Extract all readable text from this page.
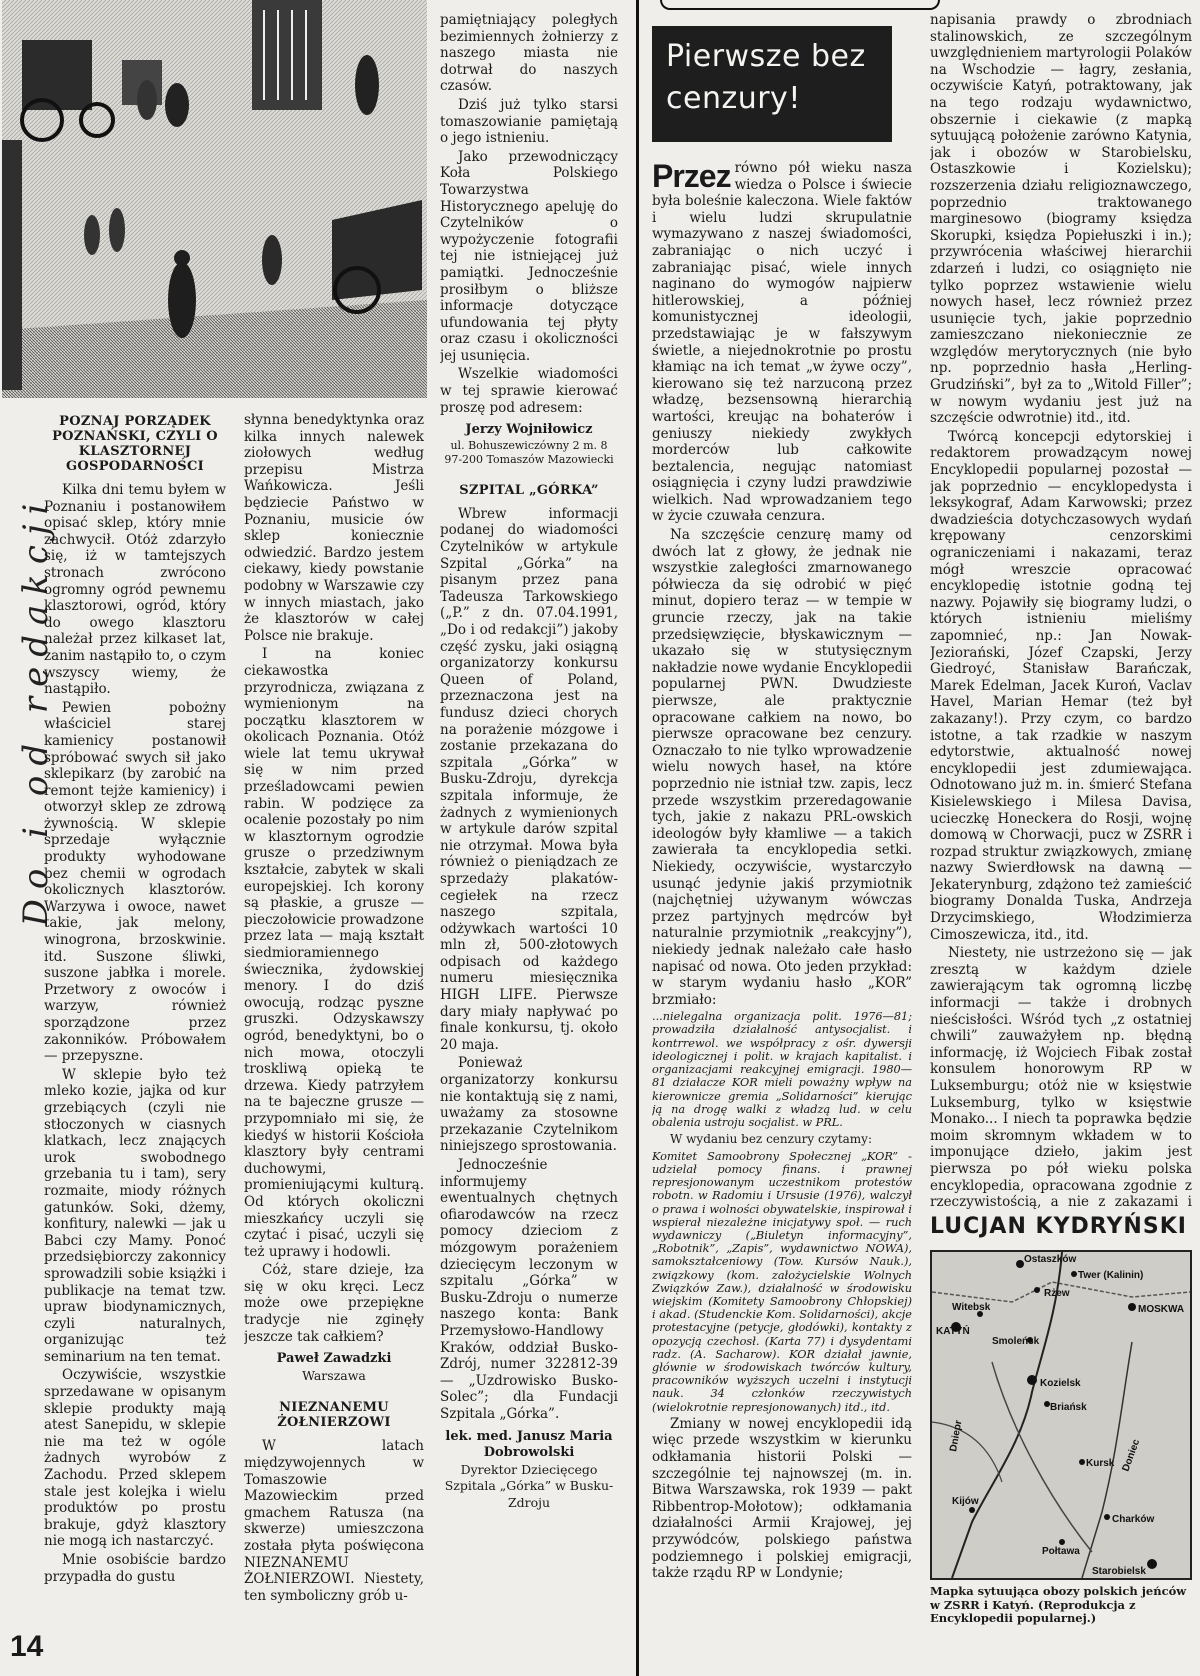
Do i od redakcji
14
POZNAJ PORZĄDEK POZNAŃSKI, CZYLI O KLASZTORNEJ GOSPODARNOŚCI

Kilka dni temu byłem w Poznaniu i postanowiłem opisać sklep, który mnie zachwycił. Otóż zdarzyło się, iż w tamtejszych stronach zwrócono ogromny ogród pewnemu klasztorowi, ogród, który do owego klasztoru należał przez kilkaset lat, zanim nastąpiło to, o czym wszyscy wiemy, że nastąpiło.

Pewien pobożny właściciel starej kamienicy postanowił spróbować swych sił jako sklepikarz (by zarobić na remont tejże kamienicy) i otworzył sklep ze zdrową żywnością. W sklepie sprzedaje wyłącznie produkty wyhodowane bez chemii w ogrodach okolicznych klasztorów. Warzywa i owoce, nawet takie, jak melony, winogrona, brzoskwinie. itd. Suszone śliwki, suszone jabłka i morele. Przetwory z owoców i warzyw, również sporządzone przez zakonników. Próbowałem — przepyszne.

W sklepie było też mleko kozie, jajka od kur grzebiących (czyli nie stłoczonych w ciasnych klatkach, lecz znających urok swobodnego grzebania tu i tam), sery rozmaite, miody różnych gatunków. Soki, dżemy, konfitury, nalewki — jak u Babci czy Mamy. Ponoć przedsiębiorczy zakonnicy sprowadzili sobie książki i publikacje na temat tzw. upraw biodynamicznych, czyli naturalnych, organizując też seminarium na ten temat.

Oczywiście, wszystkie sprzedawane w opisanym sklepie produkty mają atest Sanepidu, w sklepie nie ma też w ogóle żadnych wyrobów z Zachodu. Przed sklepem stale jest kolejka i wielu produktów po prostu brakuje, gdyż klasztory nie mogą ich nastarczyć.

Mnie osobiście bardzo przypadła do gustu

słynna benedyktynka oraz kilka innych nalewek ziołowych według przepisu Mistrza Wańkowicza. Jeśli będziecie Państwo w Poznaniu, musicie ów sklep koniecznie odwiedzić. Bardzo jestem ciekawy, kiedy powstanie podobny w Warszawie czy w innych miastach, jako że klasztorów w całej Polsce nie brakuje.

I na koniec ciekawostka przyrodnicza, związana z wymienionym na początku klasztorem w okolicach Poznania. Otóż wiele lat temu ukrywał się w nim przed prześladowcami pewien rabin. W podzięce za ocalenie pozostały po nim w klasztornym ogrodzie grusze o przedziwnym kształcie, zabytek w skali europejskiej. Ich korony są płaskie, a grusze — pieczołowicie prowadzone przez lata — mają kształt siedmioramiennego świecznika, żydowskiej menory. I do dziś owocują, rodząc pyszne gruszki. Odzyskawszy ogród, benedyktyni, bo o nich mowa, otoczyli troskliwą opieką te drzewa. Kiedy patrzyłem na te bajeczne grusze — przypomniało mi się, że kiedyś w historii Kościoła klasztory były centrami duchowymi, promieniującymi kulturą. Od których okoliczni mieszkańcy uczyli się czytać i pisać, uczyli się też uprawy i hodowli.

Cóż, stare dzieje, łza się w oku kręci. Lecz może owe przepiękne tradycje nie zginęły jeszcze tak całkiem?

Paweł Zawadzki
Warszawa
NIEZNANEMU ŻOŁNIERZOWI

W latach międzywojennych w Tomaszowie Mazowieckim przed gmachem Ratusza (na skwerze) umieszczona została płyta poświęcona NIEZNANEMU ŻOŁNIERZOWI. Niestety, ten symboliczny grób u-

pamiętniający poległych bezimiennych żołnierzy z naszego miasta nie dotrwał do naszych czasów.

Dziś już tylko starsi tomaszowianie pamiętają o jego istnieniu.

Jako przewodniczący Koła Polskiego Towarzystwa Historycznego apeluję do Czytelników o wypożyczenie fotografii tej nie istniejącej już pamiątki. Jednocześnie prosiłbym o bliższe informacje dotyczące ufundowania tej płyty oraz czasu i okoliczności jej usunięcia.

Wszelkie wiadomości w tej sprawie kierować proszę pod adresem:

Jerzy Wojniłowicz
ul. Bohuszewiczówny 2 m. 8 97-200 Tomaszów Mazowiecki
SZPITAL „GÓRKA”

Wbrew informacji podanej do wiadomości Czytelników w artykule Szpital „Górka” na pisanym przez pana Tadeusza Tarkowskiego („P.” z dn. 07.04.1991, „Do i od redakcji”) jakoby część zysku, jaki osiągną organizatorzy konkursu Queen of Poland, przeznaczona jest na fundusz dzieci chorych na porażenie mózgowe i zostanie przekazana do szpitala „Górka” w Busku-Zdroju, dyrekcja szpitala informuje, że żadnych z wymienionych w artykule darów szpital nie otrzymał. Mowa była również o pieniądzach ze sprzedaży plakatów-cegiełek na rzecz naszego szpitala, odżywkach wartości 10 mln zł, 500-złotowych odpisach od każdego numeru miesięcznika HIGH LIFE. Pierwsze dary miały napływać po finale konkursu, tj. około 20 maja.

Ponieważ organizatorzy konkursu nie kontaktują się z nami, uważamy za stosowne przekazanie Czytelnikom niniejszego sprostowania.

Jednocześnie informujemy ewentualnych chętnych ofiarodawców na rzecz pomocy dzieciom z mózgowym porażeniem dziecięcym leczonym w szpitalu „Górka” w Busku-Zdroju o numerze naszego konta: Bank Przemysłowo-Handlowy Kraków, oddział Busko-Zdrój, numer 322812-39 — „Uzdrowisko Busko-Solec”; dla Fundacji Szpitala „Górka”.

lek. med. Janusz Maria Dobrowolski
Dyrektor Dziecięcego Szpitala „Górka” w Busku-Zdroju
Pierwsze bez cenzury!

Przez równo pół wieku nasza wiedza o Polsce i świecie była boleśnie kaleczona. Wiele faktów i wielu ludzi skrupulatnie wymazywano z naszej świadomości, zabraniając o nich uczyć i zabraniając pisać, wiele innych naginano do wymogów najpierw hitlerowskiej, a później komunistycznej ideologii, przedstawiając je w fałszywym świetle, a niejednokrotnie po prostu kłamiąc na ich temat „w żywe oczy”, kierowano się też narzuconą przez władzę, bezsensowną hierarchią wartości, kreując na bohaterów i geniuszy niekiedy zwykłych morderców lub całkowite beztalencia, negując natomiast osiągnięcia i czyny ludzi prawdziwie wielkich. Nad wprowadzaniem tego w życie czuwała cenzura.

Na szczęście cenzurę mamy od dwóch lat z głowy, że jednak nie wszystkie zaległości zmarnowanego półwiecza da się odrobić w pięć minut, dopiero teraz — w tempie w gruncie rzeczy, jak na takie przedsięwzięcie, błyskawicznym — ukazało się w stutysięcznym nakładzie nowe wydanie Encyklopedii popularnej PWN. Dwudzieste pierwsze, ale praktycznie opracowane całkiem na nowo, bo pierwsze opracowane bez cenzury. Oznaczało to nie tylko wprowadzenie wielu nowych haseł, na które poprzednio nie istniał tzw. zapis, lecz przede wszystkim przeredagowanie tych, jakie z nakazu PRL-owskich ideologów były kłamliwe — a takich zawierała ta encyklopedia setki. Niekiedy, oczywiście, wystarczyło usunąć jedynie jakiś przymiotnik (najchętniej używanym wówczas przez partyjnych mędrców był naturalnie przymiotnik „reakcyjny”), niekiedy jednak należało całe hasło napisać od nowa. Oto jeden przykład: w starym wydaniu hasło „KOR” brzmiało:

...nielegalna organizacja polit. 1976—81; prowadziła działalność antysocjalist. i kontrrewol. we współpracy z ośr. dywersji ideologicznej i polit. w krajach kapitalist. i organizacjami reakcyjnej emigracji. 1980—81 działacze KOR mieli poważny wpływ na kierownicze gremia „Solidarności” kierując ją na drogę walki z władzą lud. w celu obalenia ustroju socjalist. w PRL.

W wydaniu bez cenzury czytamy:

Komitet Samoobrony Społecznej „KOR” - udzielał pomocy finans. i prawnej represjonowanym uczestnikom protestów robotn. w Radomiu i Ursusie (1976), walczył o prawa i wolności obywatelskie, inspirował i wspierał niezależne inicjatywy społ. — ruch wydawniczy („Biuletyn informacyjny”, „Robotnik”, „Zapis”, wydawnictwo NOWA), samokształceniowy (Tow. Kursów Nauk.), związkowy (kom. założycielskie Wolnych Związków Zaw.), działalność w środowisku wiejskim (Komitety Samoobrony Chłopskiej) i akad. (Studenckie Kom. Solidarności), akcje protestacyjne (petycje, głodówki), kontakty z opozycją czechosł. (Karta 77) i dysydentami radz. (A. Sacharow). KOR działał jawnie, głównie w środowiskach twórców kultury, pracowników wyższych uczelni i instytucji nauk. 34 członków rzeczywistych (wielokrotnie represjonowanych) itd., itd.

Zmiany w nowej encyklopedii idą więc przede wszystkim w kierunku odkłamania historii Polski — szczególnie tej najnowszej (m. in. Bitwa Warszawska, rok 1939 — pakt Ribbentrop-Mołotow); odkłamania działalności Armii Krajowej, jej przywódców, polskiego państwa podziemnego i polskiej emigracji, także rządu RP w Londynie;

napisania prawdy o zbrodniach stalinowskich, ze szczególnym uwzględnieniem martyrologii Polaków na Wschodzie — łagry, zesłania, oczywiście Katyń, potraktowany, jak na tego rodzaju wydawnictwo, obszernie i ciekawie (z mapką sytuującą położenie zarówno Katynia, jak i obozów w Starobielsku, Ostaszkowie i Kozielsku); rozszerzenia działu religioznawczego, poprzednio traktowanego marginesowo (biogramy księdza Skorupki, księdza Popiełuszki i in.); przywrócenia właściwej hierarchii zdarzeń i ludzi, co osiągnięto nie tylko poprzez wstawienie wielu nowych haseł, lecz również przez usunięcie tych, jakie poprzednio zamieszczano niekoniecznie ze względów merytorycznych (nie było np. poprzednio hasła „Herling-Grudziński”, był za to „Witold Filler”; w nowym wydaniu jest już na szczęście odwrotnie) itd., itd.

Twórcą koncepcji edytorskiej i redaktorem prowadzącym nowej Encyklopedii popularnej pozostał — jak poprzednio — encyklopedysta i leksykograf, Adam Karwowski; przez dwadzieścia dotychczasowych wydań krępowany cenzorskimi ograniczeniami i nakazami, teraz mógł wreszcie opracować encyklopedię istotnie godną tej nazwy. Pojawiły się biogramy ludzi, o których istnieniu mieliśmy zapomnieć, np.: Jan Nowak-Jeziorański, Józef Czapski, Jerzy Giedroyć, Stanisław Barańczak, Marek Edelman, Jacek Kuroń, Vaclav Havel, Marian Hemar (też był zakazany!). Przy czym, co bardzo istotne, a tak rzadkie w naszym edytorstwie, aktualność nowej encyklopedii jest zdumiewająca. Odnotowano już m. in. śmierć Stefana Kisielewskiego i Milesa Davisa, ucieczkę Honeckera do Rosji, wojnę domową w Chorwacji, pucz w ZSRR i rozpad struktur związkowych, zmianę nazwy Swierdłowsk na dawną — Jekaterynburg, zdążono też zamieścić biogramy Donalda Tuska, Andrzeja Drzycimskiego, Włodzimierza Cimoszewicza, itd., itd.

Niestety, nie ustrzeżono się — jak zresztą w każdym dziele zawierającym tak ogromną liczbę informacji — także i drobnych nieścisłości. Wśród tych „z ostatniej chwili” zauważyłem np. błędną informację, iż Wojciech Fibak został konsulem honorowym RP w Luksemburgu; otóż nie w księstwie Luksemburg, tylko w księstwie Monako... I niech ta poprawka będzie moim skromnym wkładem w to imponujące dzieło, jakim jest pierwsza po pół wieku polska encyklopedia, opracowana zgodnie z rzeczywistością, a nie z zakazami i

LUCJAN KYDRYŃSKI
Ostaszków
Twer (Kalinin)
Rżew
Witebsk	MOSKWA
KATYŃ
Smoleńsk
Kozielsk
Briańsk
Kursk
Kijów
Charków
Połtawa
Starobielsk
Dniepr
Doniec
Mapka sytuująca obozy polskich jeńców w ZSRR i Katyń. (Reprodukcja z Encyklopedii popularnej.)
